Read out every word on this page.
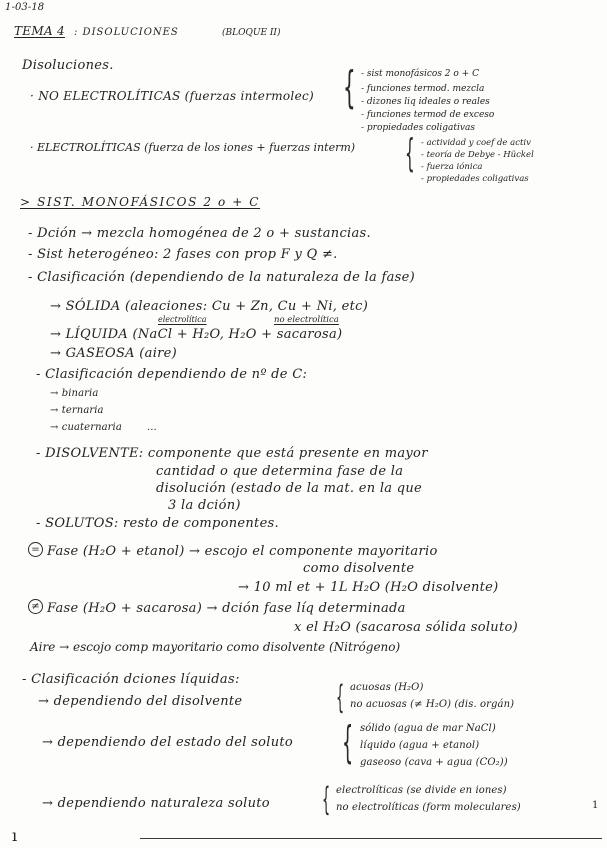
1-03-18
TEMA 4 : DISOLUCIONES	(BLOQUE II)
Disoluciones.
· NO ELECTROLÍTICAS (fuerzas intermolec) { - sist monofásicos 2 o + C
- funciones termod. mezcla
- dizones liq ideales o reales
- funciones termod de exceso
- propiedades coligativas
· ELECTROLÍTICAS (fuerza de los iones + fuerzas interm) { - actividad y coef de activ
- teoría de Debye - Hückel
- fuerza iónica
- propiedades coligativas
> SIST. MONOFÁSICOS 2 o + C
- Dción → mezcla homogénea de 2 o + sustancias.
- Sist heterogéneo: 2 fases con prop F y Q ≠.
- Clasificación (dependiendo de la naturaleza de la fase)
→ SÓLIDA (aleaciones: Cu + Zn, Cu + Ni, etc)
electrolítica	no electrolítica
→ LÍQUIDA (NaCl + H₂O, H₂O + sacarosa)
→ GASEOSA (aire)
- Clasificación dependiendo de nº de C:
→ binaria
→ ternaria
→ cuaternaria	...
- DISOLVENTE: componente que está presente en mayor
cantidad o que determina fase de la
disolución (estado de la mat. en la que
3 la dción)
- SOLUTOS: resto de componentes.
= Fase (H₂O + etanol) → escojo el componente mayoritario
como disolvente
→ 10 ml et + 1L H₂O (H₂O disolvente)
≠ Fase (H₂O + sacarosa) → dción fase líq determinada
x el H₂O (sacarosa sólida soluto)
Aire → escojo comp mayoritario como disolvente (Nitrógeno)
- Clasificación dciones líquidas:
→ dependiendo del disolvente	{ acuosas (H₂O)
no acuosas (≠ H₂O) (dis. orgán)
→ dependiendo del estado del soluto { sólido (agua de mar NaCl)
líquido (agua + etanol)
gaseoso (cava + agua (CO₂))
→ dependiendo naturaleza soluto { electrolíticas (se divide en iones)
no electrolíticas (form moleculares)	1
ı
